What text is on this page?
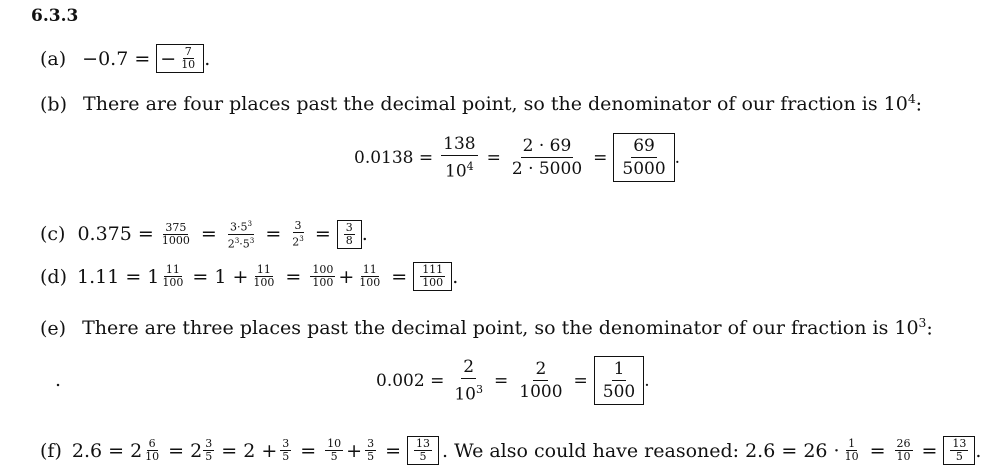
6.3.3
(a) −0.7 = − $\frac{7}{10}$ .
(b) There are four places past the decimal point, so the denominator of our fraction is $10^4$:
$0.0138 = \frac{138}{10^4} = \frac{2 \cdot 69}{2 \cdot 5000} = \frac{69}{5000}$ .
(c) $0.375 = \frac{375}{1000} = \frac{3\cdot 5^3}{2^3\cdot 5^3} = \frac{3}{2^3} = \frac{3}{8}$ .
(d) $1.11 = 1 \frac{11}{100} = 1 + \frac{11}{100} = \frac{100}{100} + \frac{11}{100} = \frac{111}{100}$ .
(e) There are three places past the decimal point, so the denominator of our fraction is $10^3$:
.	$0.002 = \frac{2}{10^3} = \frac{2}{1000} = \frac{1}{500}$ .
(f) $2.6 = 2 \frac{6}{10} = 2 \frac{3}{5} = 2 + \frac{3}{5} = \frac{10}{5} + \frac{3}{5} = \frac{13}{5}$ . We also could have reasoned: $2.6 = 26 \cdot \frac{1}{10} = \frac{26}{10} = \frac{13}{5}$ .
